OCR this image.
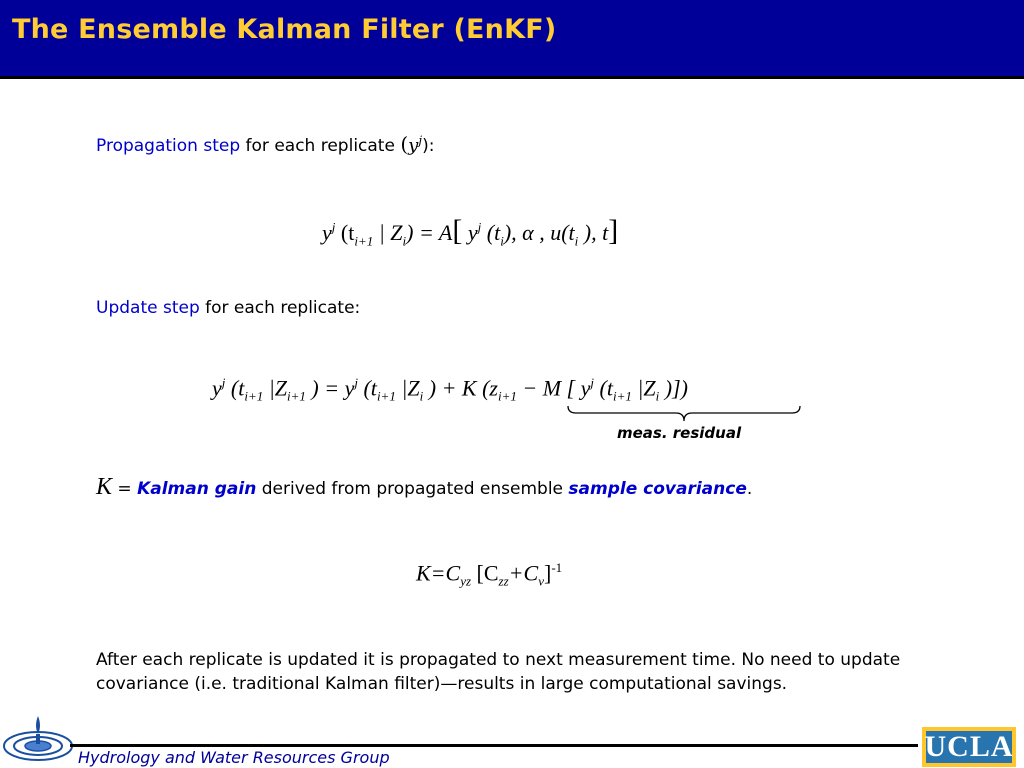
The Ensemble Kalman Filter (EnKF)
Propagation step for each replicate $(y^j)$:
$y^j$ ($t_{i+1}$ | $Z_i) = A$[ $y^j$ $(t_i)$, α , $u(t_i$ ), t]
Update step for each replicate:
$y^j$ ($t_{i+1}$ $|Z_{i+1}$ ) = $y^j$ ($t_{i+1}$ $|Z_i$ ) + K ($z_{i+1} - M$ [ $y^j$ ($t_{i+1}$ $|Z_i$ )])
meas. residual
K = Kalman gain derived from propagated ensemble sample covariance.
$K=C_{yz}$ $[C_{zz}+C_v]^{-1}$
After each replicate is updated it is propagated to next measurement time. No need to update covariance (i.e. traditional Kalman filter)—results in large computational savings.
Hydrology and Water Resources Group	UCLA
